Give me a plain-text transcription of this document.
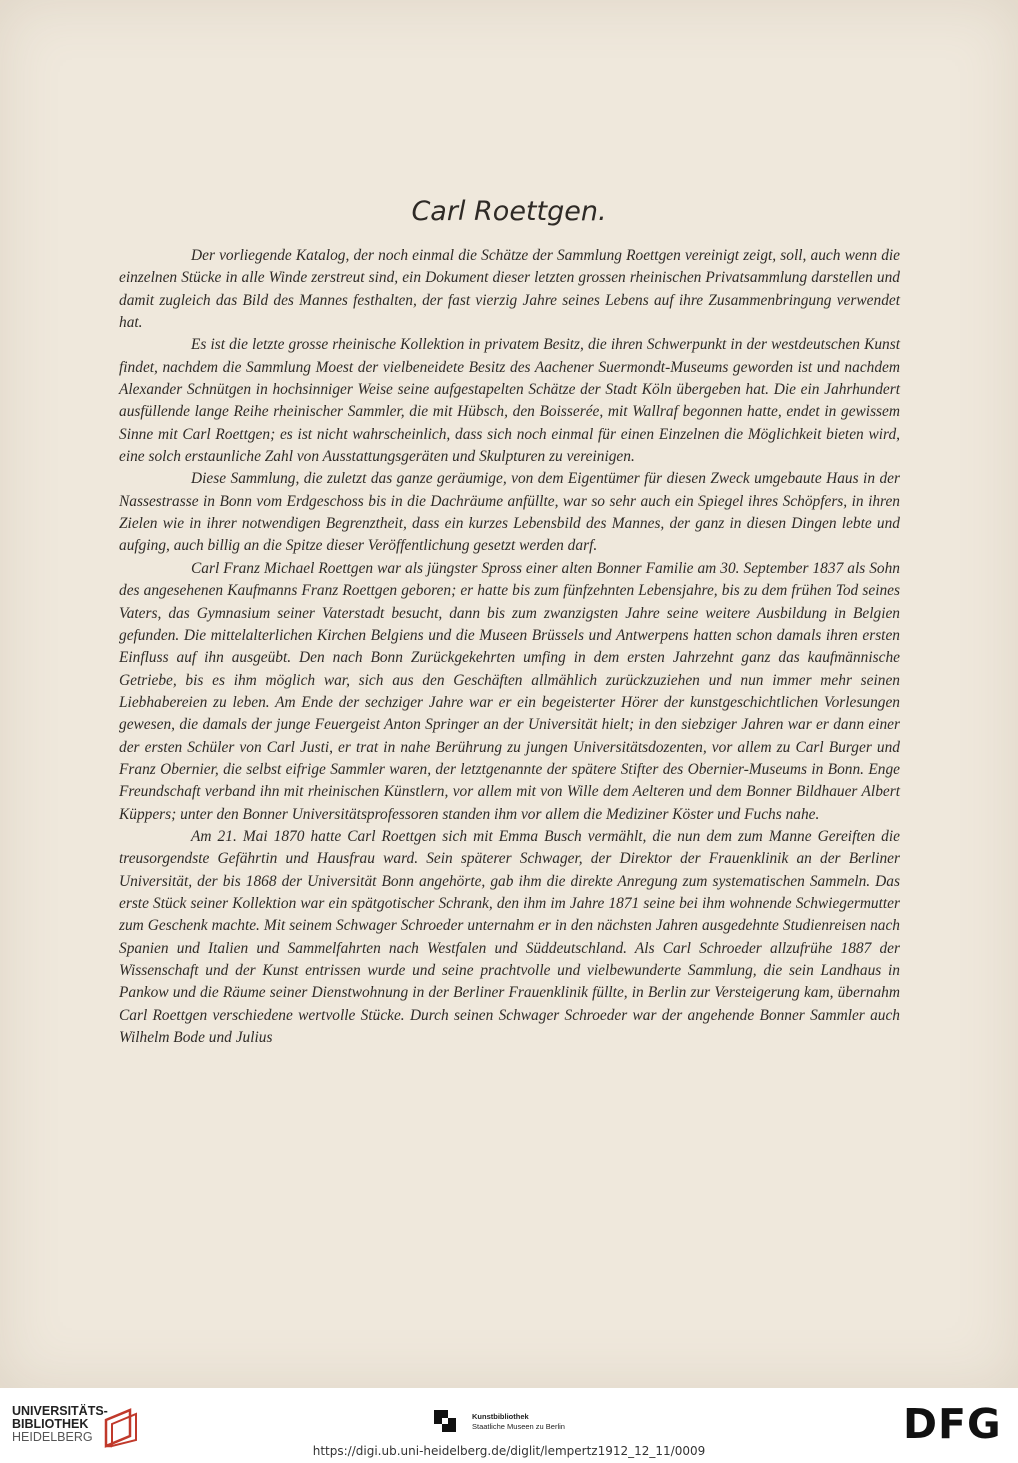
Carl Roettgen.

Der vorliegende Katalog, der noch einmal die Schätze der Sammlung Roettgen vereinigt zeigt, soll, auch wenn die einzelnen Stücke in alle Winde zerstreut sind, ein Dokument dieser letzten grossen rheinischen Privatsammlung darstellen und damit zugleich das Bild des Mannes festhalten, der fast vierzig Jahre seines Lebens auf ihre Zusammenbringung verwendet hat.

Es ist die letzte grosse rheinische Kollektion in privatem Besitz, die ihren Schwerpunkt in der westdeutschen Kunst findet, nachdem die Sammlung Moest der vielbeneidete Besitz des Aachener Suermondt-Museums geworden ist und nachdem Alexander Schnütgen in hochsinniger Weise seine aufgestapelten Schätze der Stadt Köln übergeben hat. Die ein Jahrhundert ausfüllende lange Reihe rheinischer Sammler, die mit Hübsch, den Boisserée, mit Wallraf begonnen hatte, endet in gewissem Sinne mit Carl Roettgen; es ist nicht wahrscheinlich, dass sich noch einmal für einen Einzelnen die Möglichkeit bieten wird, eine solch erstaunliche Zahl von Ausstattungsgeräten und Skulpturen zu vereinigen.

Diese Sammlung, die zuletzt das ganze geräumige, von dem Eigentümer für diesen Zweck umgebaute Haus in der Nassestrasse in Bonn vom Erdgeschoss bis in die Dachräume anfüllte, war so sehr auch ein Spiegel ihres Schöpfers, in ihren Zielen wie in ihrer notwendigen Begrenztheit, dass ein kurzes Lebensbild des Mannes, der ganz in diesen Dingen lebte und aufging, auch billig an die Spitze dieser Veröffentlichung gesetzt werden darf.

Carl Franz Michael Roettgen war als jüngster Spross einer alten Bonner Familie am 30. September 1837 als Sohn des angesehenen Kaufmanns Franz Roettgen geboren; er hatte bis zum fünfzehnten Lebensjahre, bis zu dem frühen Tod seines Vaters, das Gymnasium seiner Vaterstadt besucht, dann bis zum zwanzigsten Jahre seine weitere Ausbildung in Belgien gefunden. Die mittelalterlichen Kirchen Belgiens und die Museen Brüssels und Antwerpens hatten schon damals ihren ersten Einfluss auf ihn ausgeübt. Den nach Bonn Zurückgekehrten umfing in dem ersten Jahrzehnt ganz das kaufmännische Getriebe, bis es ihm möglich war, sich aus den Geschäften allmählich zurückzuziehen und nun immer mehr seinen Liebhabereien zu leben. Am Ende der sechziger Jahre war er ein begeisterter Hörer der kunstgeschichtlichen Vorlesungen gewesen, die damals der junge Feuergeist Anton Springer an der Universität hielt; in den siebziger Jahren war er dann einer der ersten Schüler von Carl Justi, er trat in nahe Berührung zu jungen Universitätsdozenten, vor allem zu Carl Burger und Franz Obernier, die selbst eifrige Sammler waren, der letztgenannte der spätere Stifter des Obernier-Museums in Bonn. Enge Freundschaft verband ihn mit rheinischen Künstlern, vor allem mit von Wille dem Aelteren und dem Bonner Bildhauer Albert Küppers; unter den Bonner Universitätsprofessoren standen ihm vor allem die Mediziner Köster und Fuchs nahe.

Am 21. Mai 1870 hatte Carl Roettgen sich mit Emma Busch vermählt, die nun dem zum Manne Gereiften die treusorgendste Gefährtin und Hausfrau ward. Sein späterer Schwager, der Direktor der Frauenklinik an der Berliner Universität, der bis 1868 der Universität Bonn angehörte, gab ihm die direkte Anregung zum systematischen Sammeln. Das erste Stück seiner Kollektion war ein spätgotischer Schrank, den ihm im Jahre 1871 seine bei ihm wohnende Schwiegermutter zum Geschenk machte. Mit seinem Schwager Schroeder unternahm er in den nächsten Jahren ausgedehnte Studienreisen nach Spanien und Italien und Sammelfahrten nach Westfalen und Süddeutschland. Als Carl Schroeder allzufrühe 1887 der Wissenschaft und der Kunst entrissen wurde und seine prachtvolle und vielbewunderte Sammlung, die sein Landhaus in Pankow und die Räume seiner Dienstwohnung in der Berliner Frauenklinik füllte, in Berlin zur Versteigerung kam, übernahm Carl Roettgen verschiedene wertvolle Stücke. Durch seinen Schwager Schroeder war der angehende Bonner Sammler auch Wilhelm Bode und Julius

UNIVERSITÄTS-
BIBLIOTHEK
HEIDELBERG
Kunstbibliothek
Staatliche Museen zu Berlin	DFG
https://digi.ub.uni-heidelberg.de/diglit/lempertz1912_12_11/0009
